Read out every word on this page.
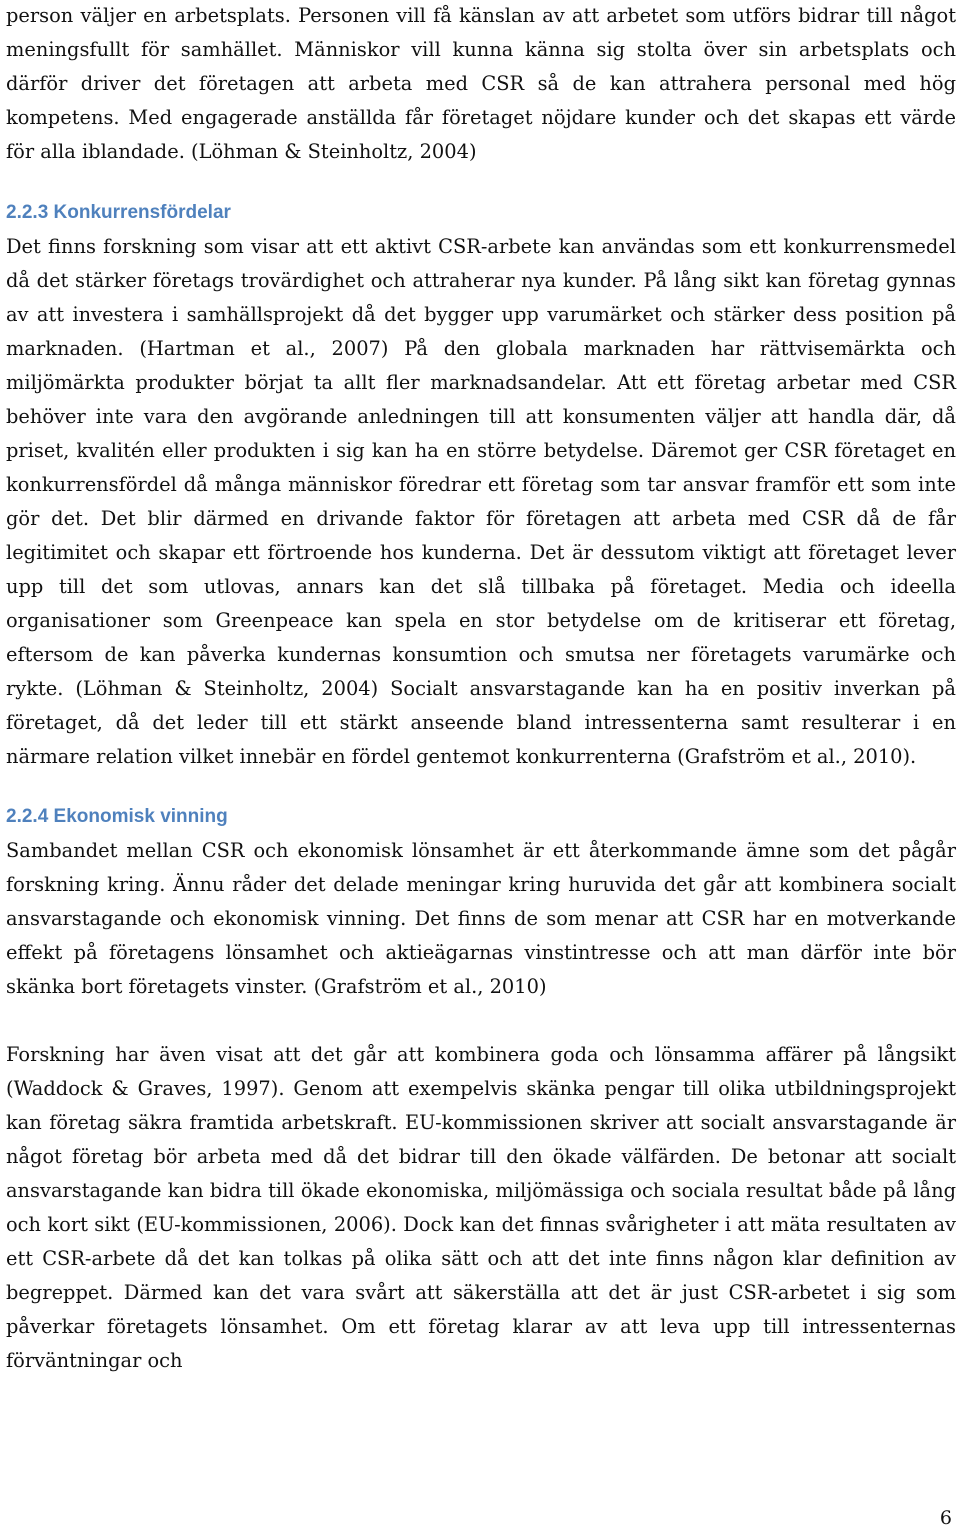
person väljer en arbetsplats. Personen vill få känslan av att arbetet som utförs bidrar till något meningsfullt för samhället. Människor vill kunna känna sig stolta över sin arbetsplats och därför driver det företagen att arbeta med CSR så de kan attrahera personal med hög kompetens. Med engagerade anställda får företaget nöjdare kunder och det skapas ett värde för alla iblandade. (Löhman & Steinholtz, 2004)

2.2.3 Konkurrensfördelar

Det finns forskning som visar att ett aktivt CSR-arbete kan användas som ett konkurrensmedel då det stärker företags trovärdighet och attraherar nya kunder. På lång sikt kan företag gynnas av att investera i samhällsprojekt då det bygger upp varumärket och stärker dess position på marknaden. (Hartman et al., 2007) På den globala marknaden har rättvisemärkta och miljömärkta produkter börjat ta allt fler marknadsandelar. Att ett företag arbetar med CSR behöver inte vara den avgörande anledningen till att konsumenten väljer att handla där, då priset, kvalitén eller produkten i sig kan ha en större betydelse. Däremot ger CSR företaget en konkurrensfördel då många människor föredrar ett företag som tar ansvar framför ett som inte gör det. Det blir därmed en drivande faktor för företagen att arbeta med CSR då de får legitimitet och skapar ett förtroende hos kunderna. Det är dessutom viktigt att företaget lever upp till det som utlovas, annars kan det slå tillbaka på företaget. Media och ideella organisationer som Greenpeace kan spela en stor betydelse om de kritiserar ett företag, eftersom de kan påverka kundernas konsumtion och smutsa ner företagets varumärke och rykte. (Löhman & Steinholtz, 2004) Socialt ansvarstagande kan ha en positiv inverkan på företaget, då det leder till ett stärkt anseende bland intressenterna samt resulterar i en närmare relation vilket innebär en fördel gentemot konkurrenterna (Grafström et al., 2010).

2.2.4 Ekonomisk vinning

Sambandet mellan CSR och ekonomisk lönsamhet är ett återkommande ämne som det pågår forskning kring. Ännu råder det delade meningar kring huruvida det går att kombinera socialt ansvarstagande och ekonomisk vinning. Det finns de som menar att CSR har en motverkande effekt på företagens lönsamhet och aktieägarnas vinstintresse och att man därför inte bör skänka bort företagets vinster. (Grafström et al., 2010)

Forskning har även visat att det går att kombinera goda och lönsamma affärer på långsikt (Waddock & Graves, 1997). Genom att exempelvis skänka pengar till olika utbildningsprojekt kan företag säkra framtida arbetskraft. EU-kommissionen skriver att socialt ansvarstagande är något företag bör arbeta med då det bidrar till den ökade välfärden. De betonar att socialt ansvarstagande kan bidra till ökade ekonomiska, miljömässiga och sociala resultat både på lång och kort sikt (EU-kommissionen, 2006). Dock kan det finnas svårigheter i att mäta resultaten av ett CSR-arbete då det kan tolkas på olika sätt och att det inte finns någon klar definition av begreppet. Därmed kan det vara svårt att säkerställa att det är just CSR-arbetet i sig som påverkar företagets lönsamhet. Om ett företag klarar av att leva upp till intressenternas förväntningar och

6
